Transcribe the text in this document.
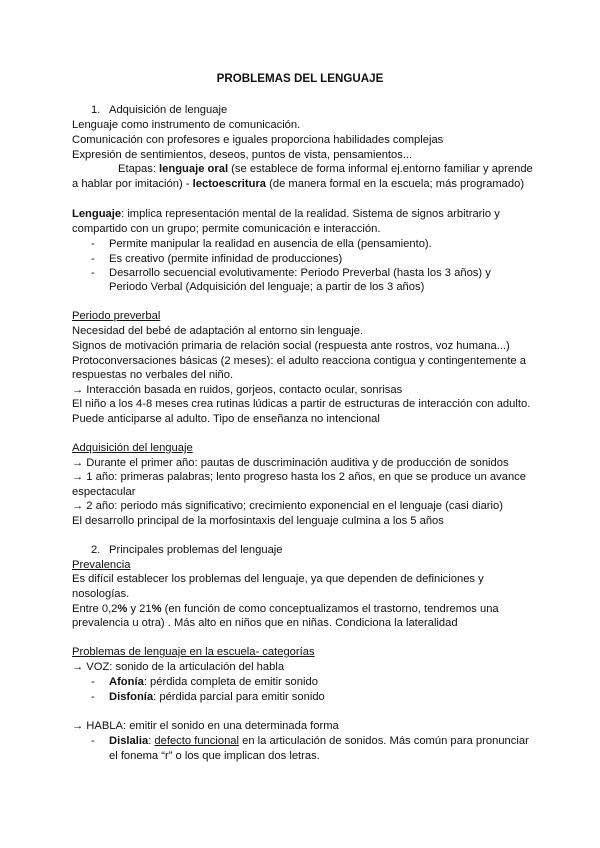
PROBLEMAS DEL LENGUAJE
1. Adquisición de lenguaje
Lenguaje como instrumento de comunicación.
Comunicación con profesores e iguales proporciona habilidades complejas
Expresión de sentimientos, deseos, puntos de vista, pensamientos...
Etapas: lenguaje oral (se establece de forma informal ej.entorno familiar y aprende
a hablar por imitación) - lectoescritura (de manera formal en la escuela; más programado)
Lenguaje: implica representación mental de la realidad. Sistema de signos arbitrario y
compartido con un grupo; permite comunicación e interacción.
-	Permite manipular la realidad en ausencia de ella (pensamiento).
-	Es creativo (permite infinidad de producciones)
-	Desarrollo secuencial evolutivamente: Periodo Preverbal (hasta los 3 años) y
Periodo Verbal (Adquisición del lenguaje; a partir de los 3 años)
Periodo preverbal
Necesidad del bebé de adaptación al entorno sin lenguaje.
Signos de motivación primaria de relación social (respuesta ante rostros, voz humana...)
Protoconversaciones básicas (2 meses): el adulto reacciona contigua y contingentemente a
respuestas no verbales del niño.
→ Interacción basada en ruidos, gorjeos, contacto ocular, sonrisas
El niño a los 4-8 meses crea rutinas lúdicas a partir de estructuras de interacción con adulto.
Puede anticiparse al adulto. Tipo de enseñanza no intencional
Adquisición del lenguaje
→ Durante el primer año: pautas de duscriminación auditiva y de producción de sonidos
→ 1 año: primeras palabras; lento progreso hasta los 2 años, en que se produce un avance
espectacular
→ 2 año: periodo más significativo; crecimiento exponencial en el lenguaje (casi diario)
El desarrollo principal de la morfosintaxis del lenguaje culmina a los 5 años
2. Principales problemas del lenguaje
Prevalencia
Es difícil establecer los problemas del lenguaje, ya que dependen de definiciones y
nosologías.
Entre 0,2% y 21% (en función de como conceptualizamos el trastorno, tendremos una
prevalencia u otra) . Más alto en niños que en niñas. Condiciona la lateralidad
Problemas de lenguaje en la escuela- categorías
→ VOZ: sonido de la articulación del habla
-	Afonía: pérdida completa de emitir sonido
-	Disfonía: pérdida parcial para emitir sonido
→ HABLA: emitir el sonido en una determinada forma
-	Dislalia: defecto funcional en la articulación de sonidos. Más común para pronunciar
el fonema “r” o los que implican dos letras.
